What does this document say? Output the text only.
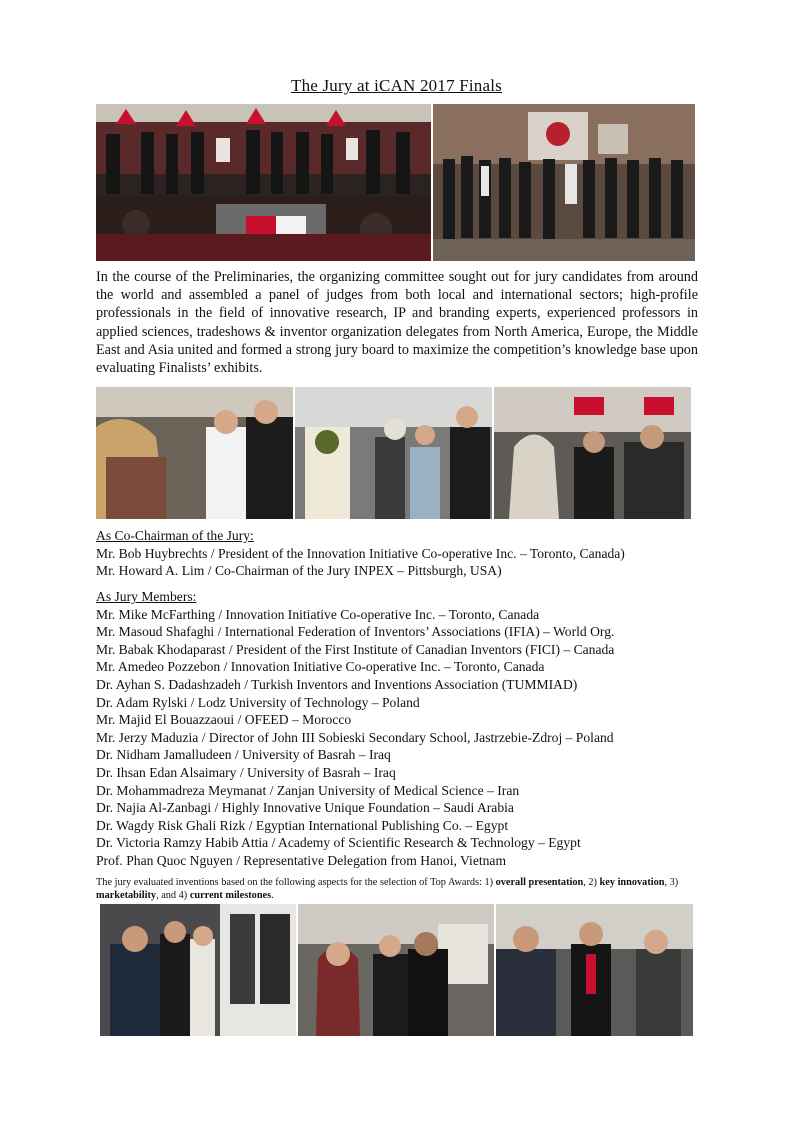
The Jury at iCAN 2017 Finals
In the course of the Preliminaries, the organizing committee sought out for jury candidates from around the world and assembled a panel of judges from both local and international sectors; high-profile professionals in the field of innovative research, IP and branding experts, experienced professors in applied sciences, tradeshows & inventor organization delegates from North America, Europe, the Middle East and Asia united and formed a strong jury board to maximize the competition’s knowledge base upon evaluating Finalists’ exhibits.
As Co-Chairman of the Jury:
Mr. Bob Huybrechts / President of the Innovation Initiative Co-operative Inc. – Toronto, Canada)
Mr. Howard A. Lim / Co-Chairman of the Jury INPEX – Pittsburgh, USA)
As Jury Members:
Mr. Mike McFarthing / Innovation Initiative Co-operative Inc. – Toronto, Canada
Mr. Masoud Shafaghi / International Federation of Inventors’ Associations (IFIA) – World Org.
Mr. Babak Khodaparast / President of the First Institute of Canadian Inventors (FICI) – Canada
Mr. Amedeo Pozzebon / Innovation Initiative Co-operative Inc. – Toronto, Canada
Dr. Ayhan S. Dadashzadeh / Turkish Inventors and Inventions Association (TUMMIAD)
Dr. Adam Rylski / Lodz University of Technology – Poland
Mr. Majid El Bouazzaoui / OFEED – Morocco
Mr. Jerzy Maduzia / Director of John III Sobieski Secondary School, Jastrzebie-Zdroj – Poland
Dr. Nidham Jamalludeen / University of Basrah – Iraq
Dr. Ihsan Edan Alsaimary / University of Basrah – Iraq
Dr. Mohammadreza Meymanat / Zanjan University of Medical Science – Iran
Dr. Najia Al-Zanbagi / Highly Innovative Unique Foundation – Saudi Arabia
Dr. Wagdy Risk Ghali Rizk / Egyptian International Publishing Co. – Egypt
Dr. Victoria Ramzy Habib Attia / Academy of Scientific Research & Technology – Egypt
Prof. Phan Quoc Nguyen / Representative Delegation from Hanoi, Vietnam
The jury evaluated inventions based on the following aspects for the selection of Top Awards: 1) overall presentation, 2) key innovation, 3) marketability, and 4) current milestones.
